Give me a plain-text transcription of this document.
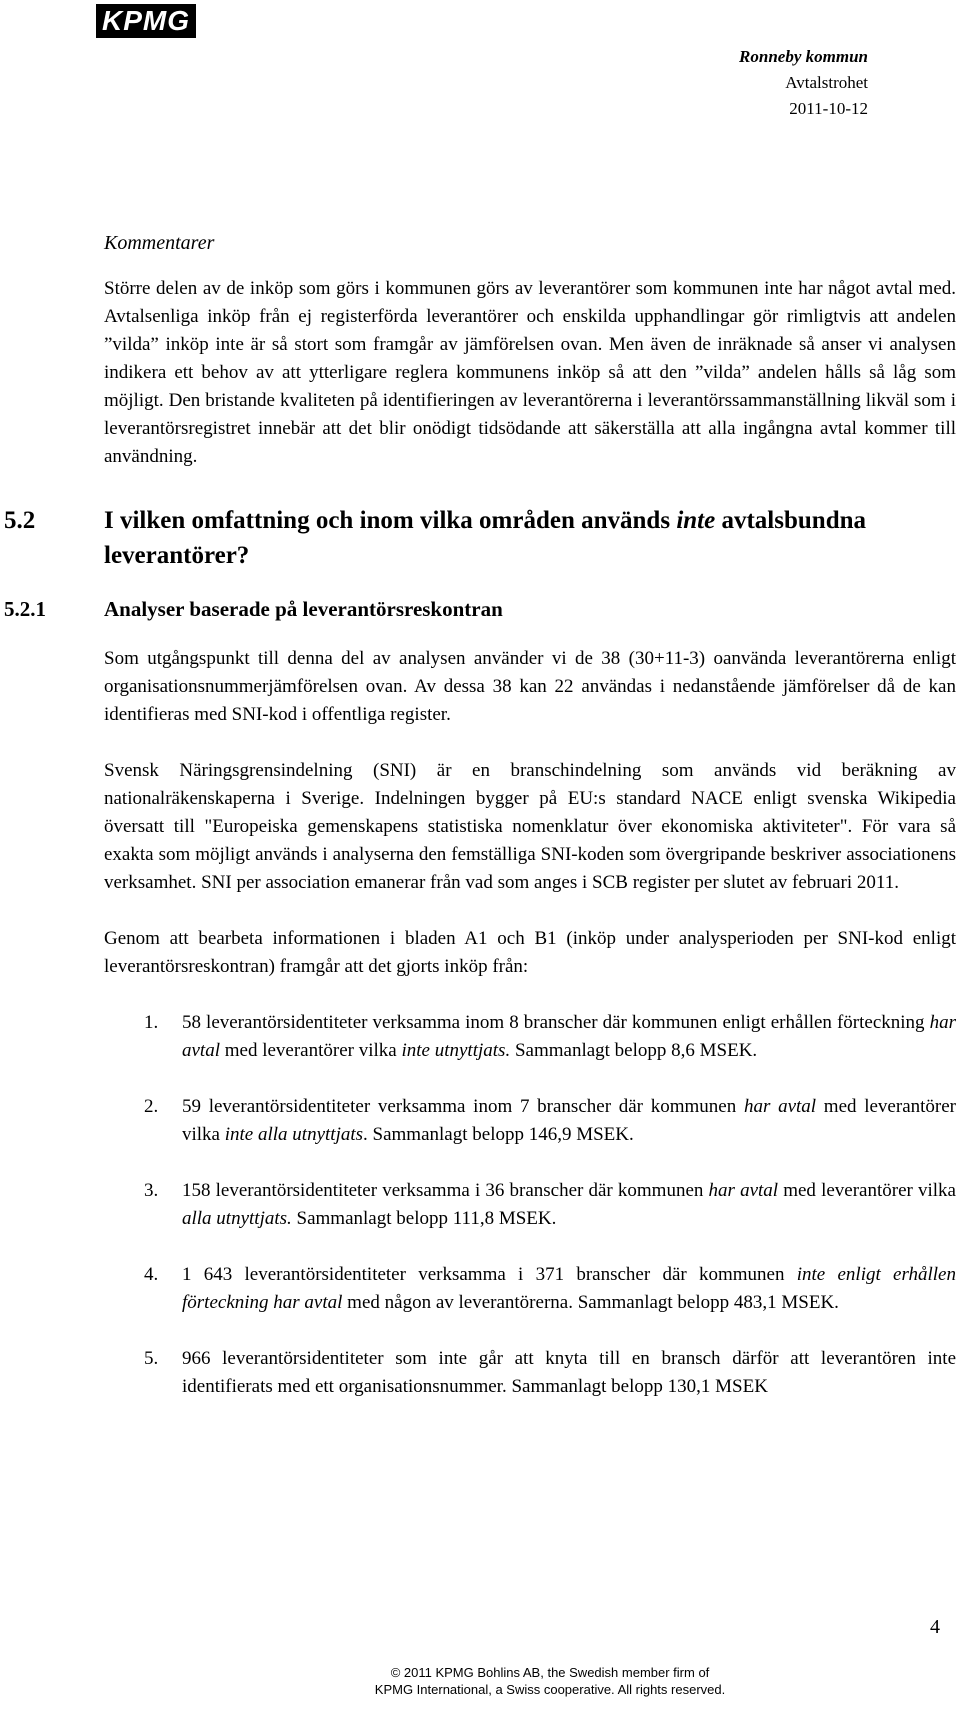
KPMG
Ronneby kommun
Avtalstrohet
2011-10-12
Kommentarer

Större delen av de inköp som görs i kommunen görs av leverantörer som kommunen inte har något avtal med. Avtalsenliga inköp från ej registerförda leverantörer och enskilda upphandlingar gör rimligtvis att andelen ”vilda” inköp inte är så stort som framgår av jämförelsen ovan. Men även de inräknade så anser vi analysen indikera ett behov av att ytterligare reglera kommunens inköp så att den ”vilda” andelen hålls så låg som möjligt. Den bristande kvaliteten på identifieringen av leverantörerna i leverantörssammanställning likväl som i leverantörsregistret innebär att det blir onödigt tidsödande att säkerställa att alla ingångna avtal kommer till användning.

5.2	I vilken omfattning och inom vilka områden används inte avtalsbundna leverantörer?
5.2.1	Analyser baserade på leverantörsreskontran

Som utgångspunkt till denna del av analysen använder vi de 38 (30+11-3) oanvända leverantörerna enligt organisationsnummerjämförelsen ovan. Av dessa 38 kan 22 användas i nedanstående jämförelser då de kan identifieras med SNI-kod i offentliga register.

Svensk Näringsgrensindelning (SNI) är en branschindelning som används vid beräkning av nationalräkenskaperna i Sverige. Indelningen bygger på EU:s standard NACE enligt svenska Wikipedia översatt till "Europeiska gemenskapens statistiska nomenklatur över ekonomiska aktiviteter". För vara så exakta som möjligt används i analyserna den femställiga SNI-koden som övergripande beskriver associationens verksamhet. SNI per association emanerar från vad som anges i SCB register per slutet av februari 2011.

Genom att bearbeta informationen i bladen A1 och B1 (inköp under analysperioden per SNI-kod enligt leverantörsreskontran) framgår att det gjorts inköp från:

1. 58 leverantörsidentiteter verksamma inom 8 branscher där kommunen enligt erhållen förteckning har avtal med leverantörer vilka inte utnyttjats. Sammanlagt belopp 8,6 MSEK.
2. 59 leverantörsidentiteter verksamma inom 7 branscher där kommunen har avtal med leverantörer vilka inte alla utnyttjats. Sammanlagt belopp 146,9 MSEK.
3. 158 leverantörsidentiteter verksamma i 36 branscher där kommunen har avtal med leverantörer vilka alla utnyttjats. Sammanlagt belopp 111,8 MSEK.
4. 1 643 leverantörsidentiteter verksamma i 371 branscher där kommunen inte enligt erhållen förteckning har avtal med någon av leverantörerna. Sammanlagt belopp 483,1 MSEK.
5. 966 leverantörsidentiteter som inte går att knyta till en bransch därför att leverantören inte identifierats med ett organisationsnummer. Sammanlagt belopp 130,1 MSEK
4
© 2011 KPMG Bohlins AB, the Swedish member firm of
KPMG International, a Swiss cooperative. All rights reserved.
